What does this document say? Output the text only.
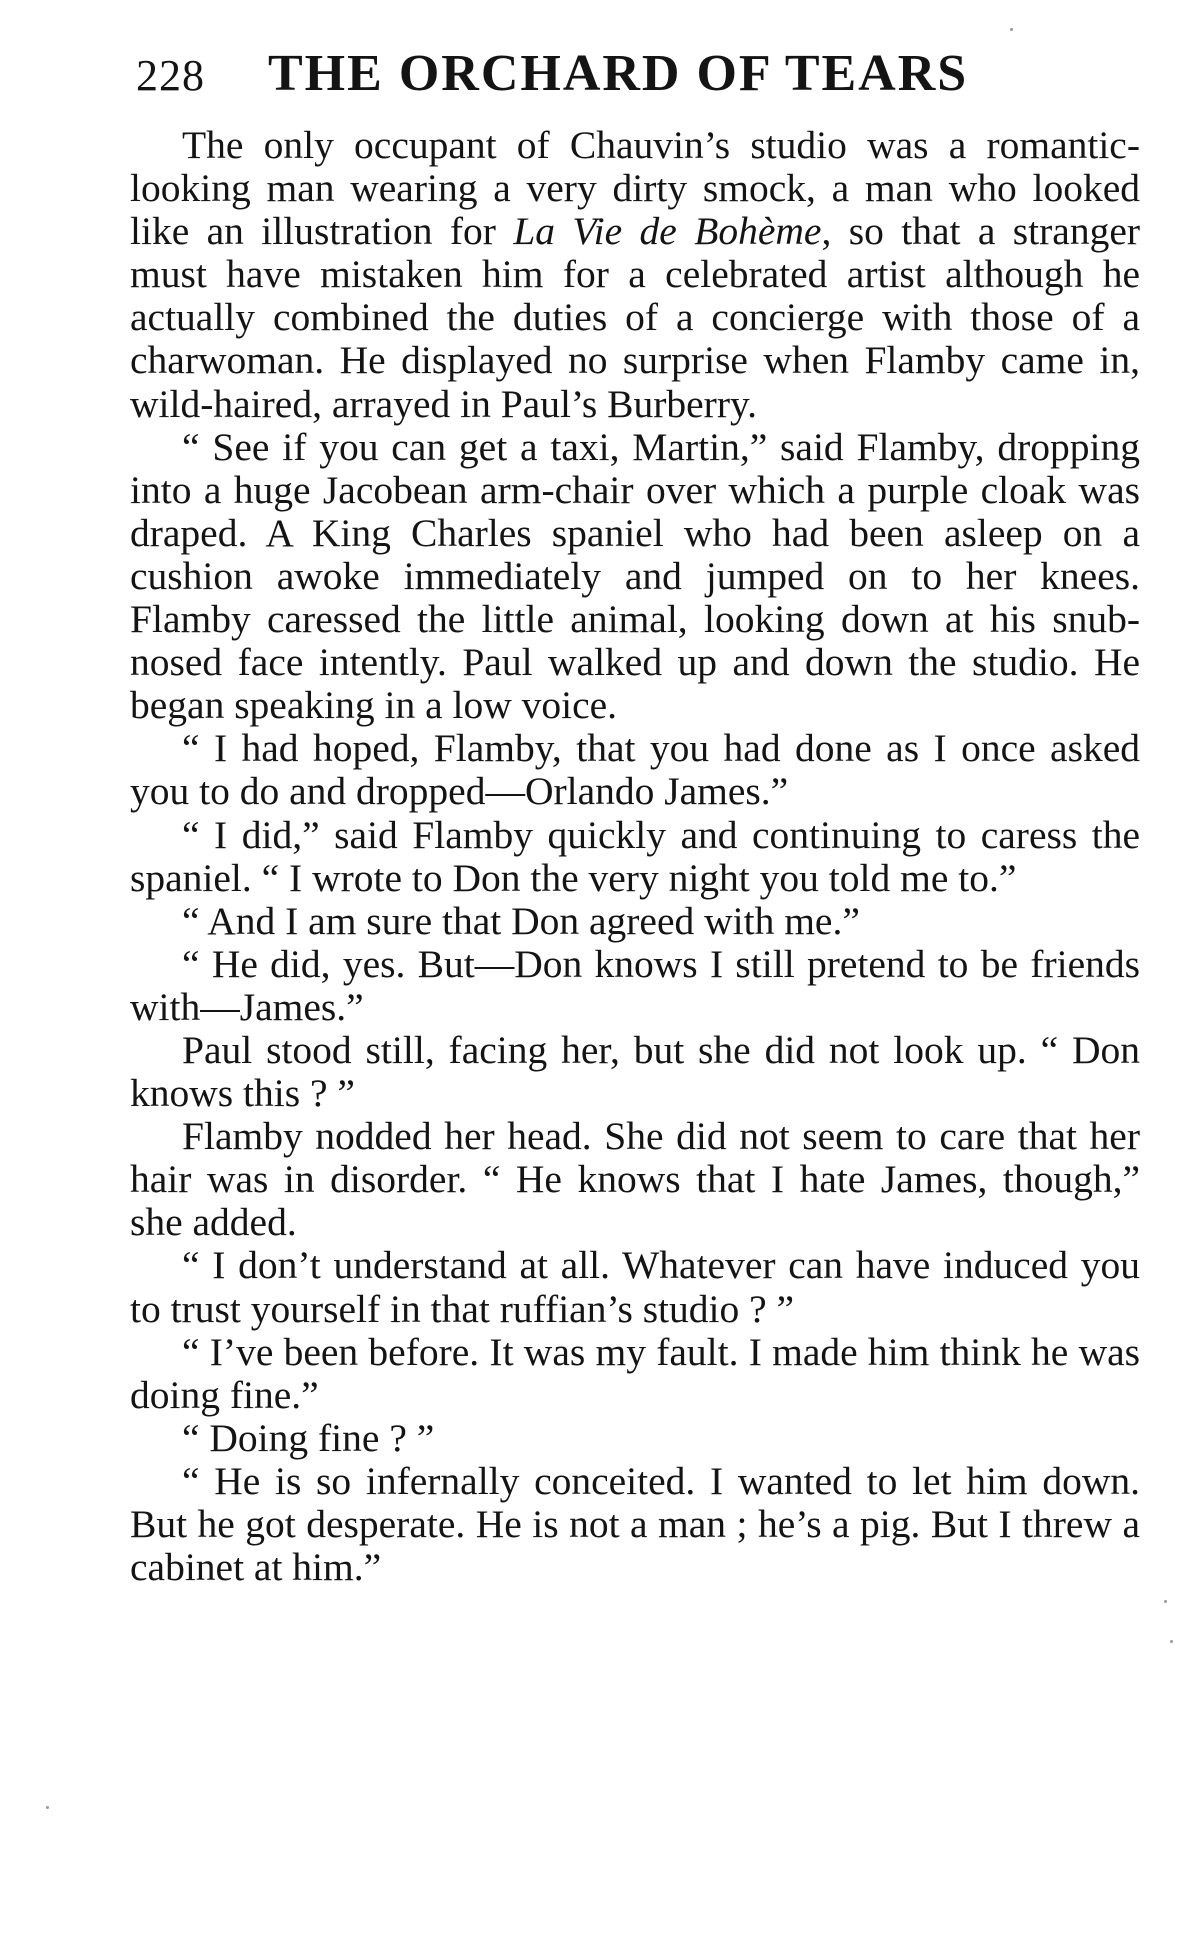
228 THE ORCHARD OF TEARS

The only occupant of Chauvin’s studio was a romantic-looking man wearing a very dirty smock, a man who looked like an illustration for La Vie de Bohème, so that a stranger must have mistaken him for a celebrated artist although he actually combined the duties of a concierge with those of a charwoman. He displayed no surprise when Flamby came in, wild-haired, arrayed in Paul’s Burberry.

“ See if you can get a taxi, Martin,” said Flamby, dropping into a huge Jacobean arm-chair over which a purple cloak was draped. A King Charles spaniel who had been asleep on a cushion awoke immediately and jumped on to her knees. Flamby caressed the little animal, looking down at his snub-nosed face intently. Paul walked up and down the studio. He began speaking in a low voice.

“ I had hoped, Flamby, that you had done as I once asked you to do and dropped—Orlando James.”

“ I did,” said Flamby quickly and continuing to caress the spaniel. “ I wrote to Don the very night you told me to.”

“ And I am sure that Don agreed with me.”

“ He did, yes. But—Don knows I still pretend to be friends with—James.”

Paul stood still, facing her, but she did not look up. “ Don knows this ? ”

Flamby nodded her head. She did not seem to care that her hair was in disorder. “ He knows that I hate James, though,” she added.

“ I don’t understand at all. Whatever can have induced you to trust yourself in that ruffian’s studio ? ”

“ I’ve been before. It was my fault. I made him think he was doing fine.”

“ Doing fine ? ”

“ He is so infernally conceited. I wanted to let him down. But he got desperate. He is not a man ; he’s a pig. But I threw a cabinet at him.”
